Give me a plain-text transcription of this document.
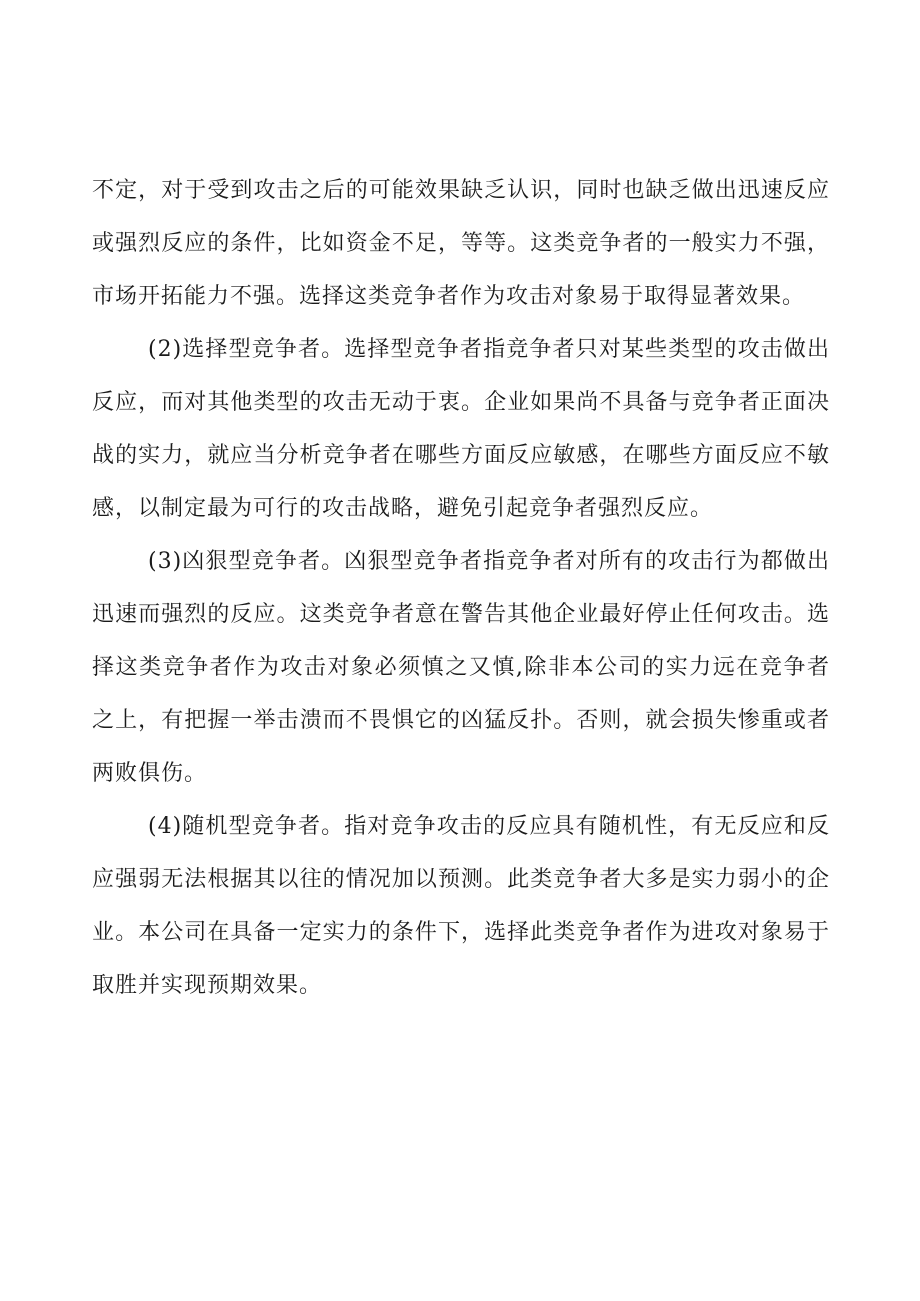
不定，对于受到攻击之后的可能效果缺乏认识，同时也缺乏做出迅速反应或强烈反应的条件，比如资金不足，等等。这类竞争者的一般实力不强，市场开拓能力不强。选择这类竞争者作为攻击对象易于取得显著效果。

(2)选择型竞争者。选择型竞争者指竞争者只对某些类型的攻击做出反应，而对其他类型的攻击无动于衷。企业如果尚不具备与竞争者正面决战的实力，就应当分析竞争者在哪些方面反应敏感，在哪些方面反应不敏感，以制定最为可行的攻击战略，避免引起竞争者强烈反应。

(3)凶狠型竞争者。凶狠型竞争者指竞争者对所有的攻击行为都做出迅速而强烈的反应。这类竞争者意在警告其他企业最好停止任何攻击。选择这类竞争者作为攻击对象必须慎之又慎,除非本公司的实力远在竞争者之上，有把握一举击溃而不畏惧它的凶猛反扑。否则，就会损失惨重或者两败俱伤。

(4)随机型竞争者。指对竞争攻击的反应具有随机性，有无反应和反应强弱无法根据其以往的情况加以预测。此类竞争者大多是实力弱小的企业。本公司在具备一定实力的条件下，选择此类竞争者作为进攻对象易于取胜并实现预期效果。
